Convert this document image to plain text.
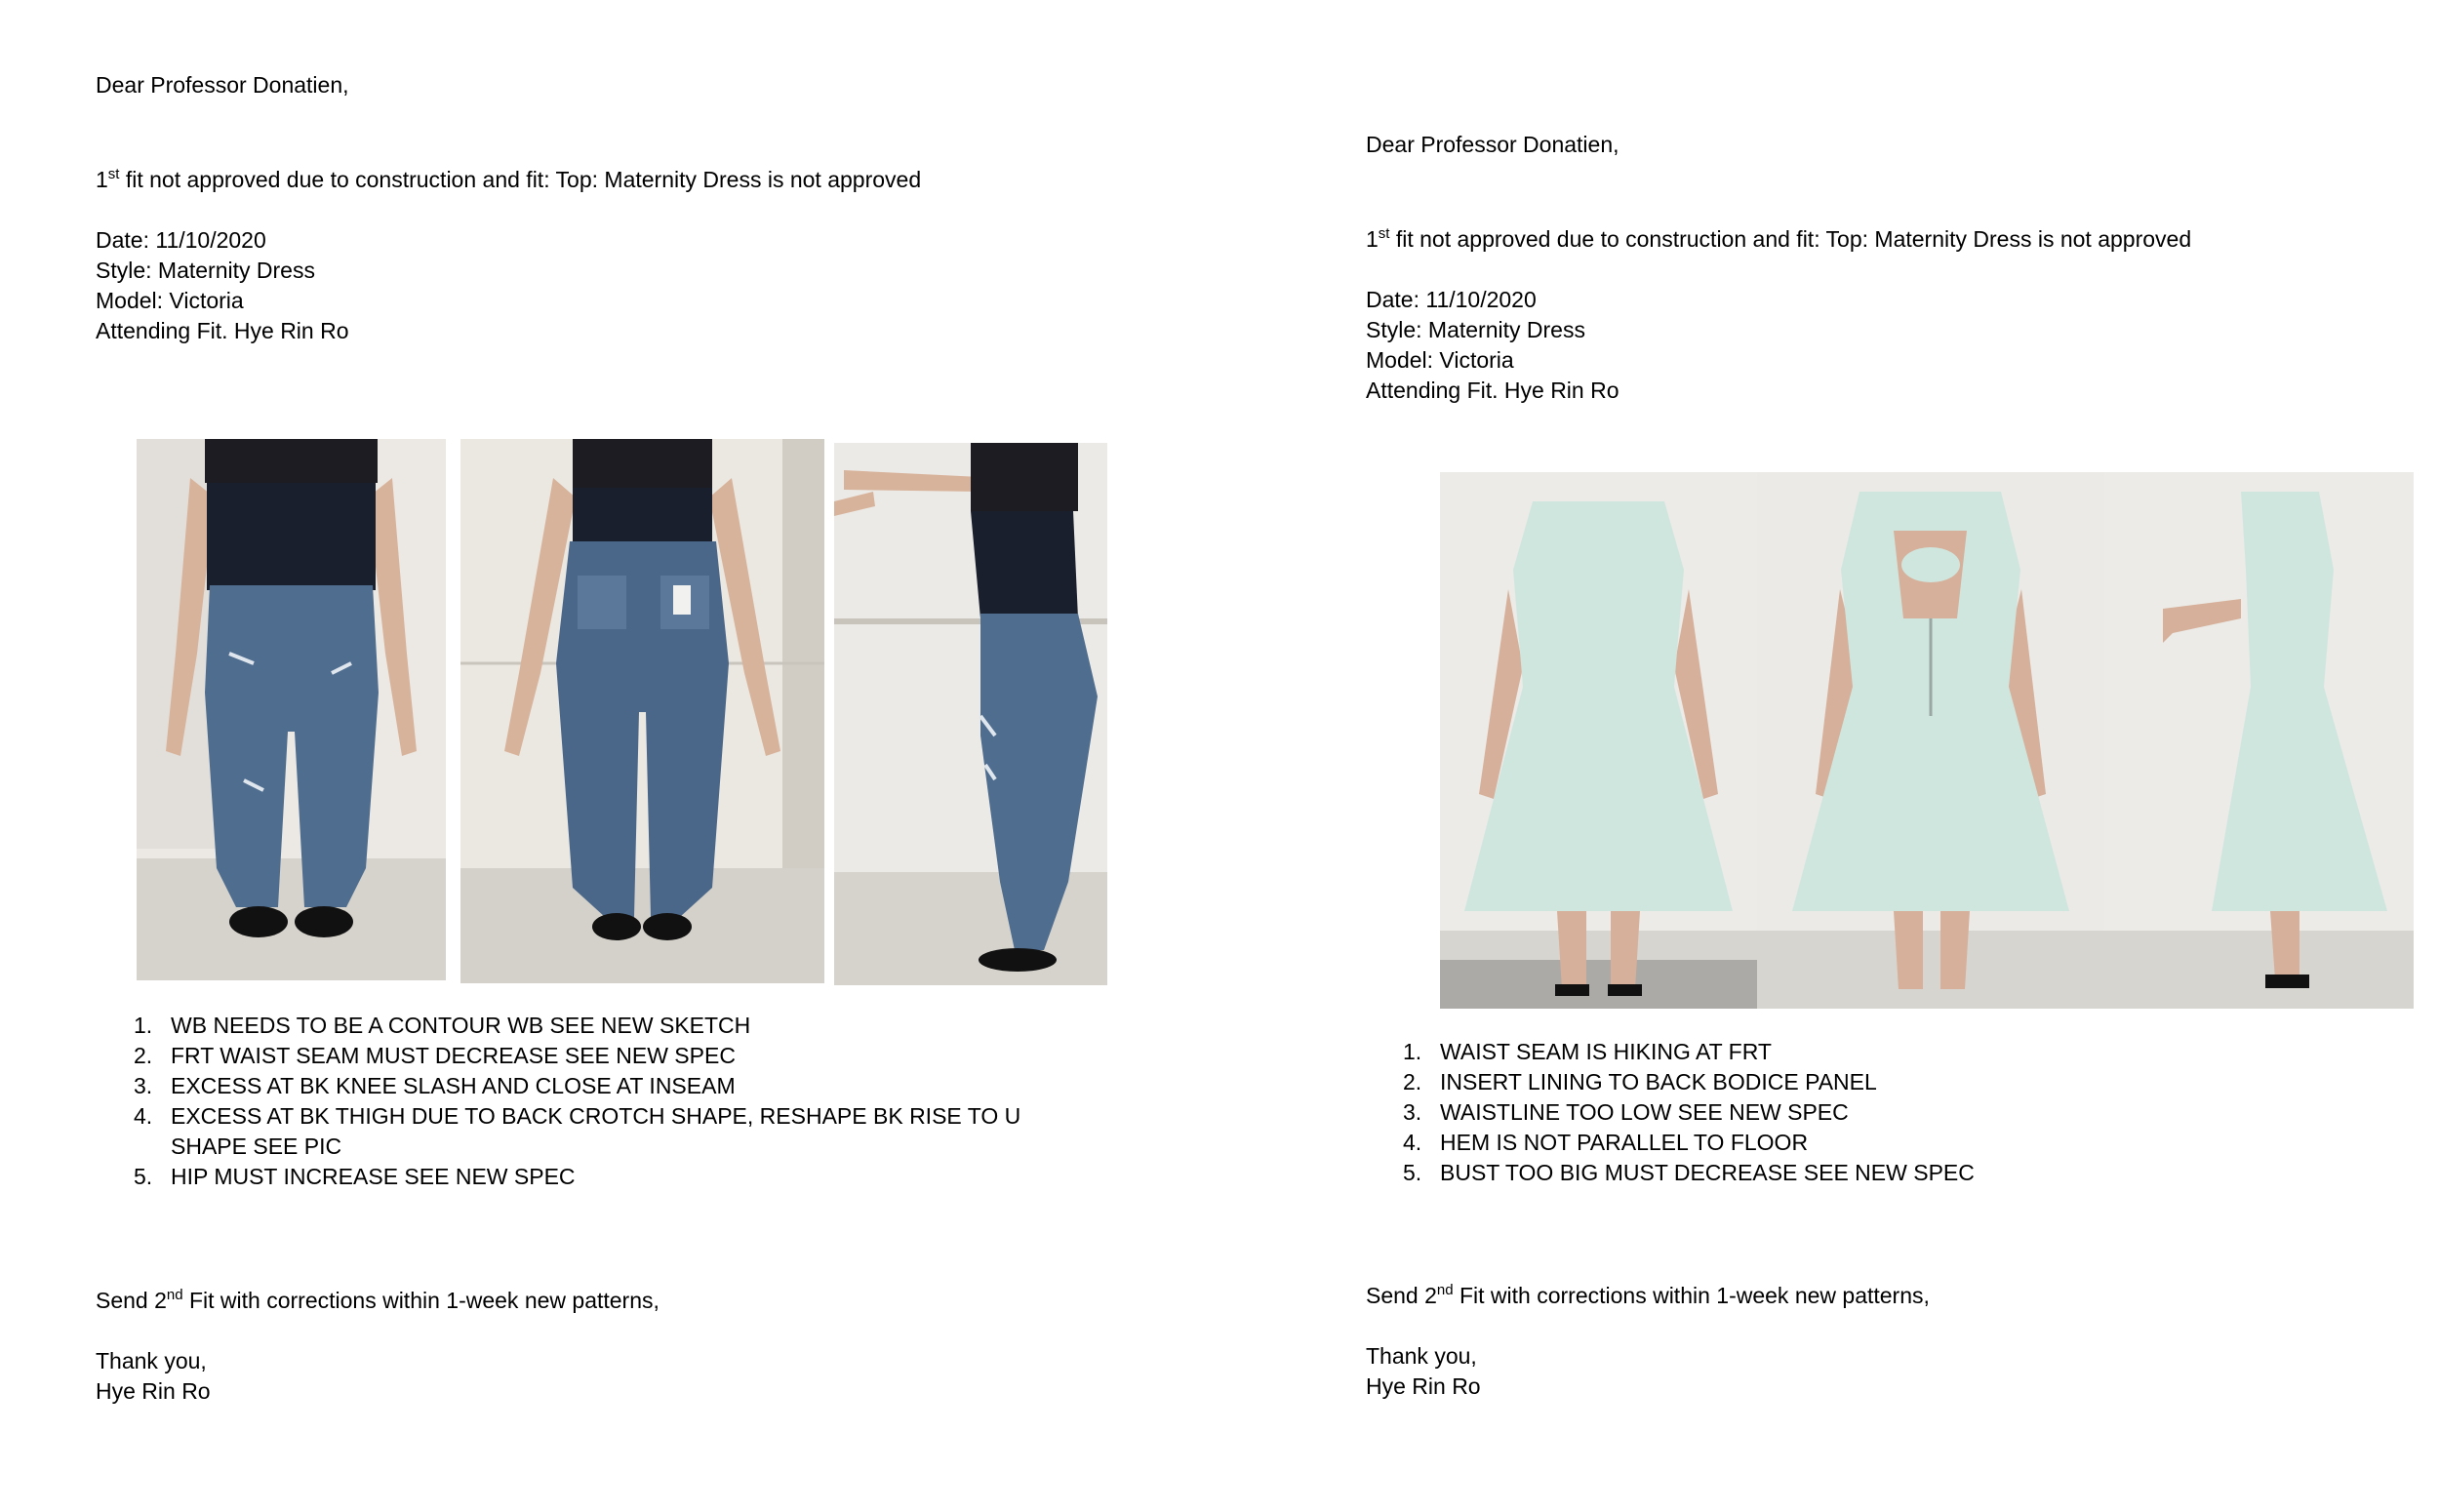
Dear Professor Donatien,

1st fit not approved due to construction and fit: Top: Maternity Dress is not approved

Date: 11/10/2020

Style: Maternity Dress

Model: Victoria

Attending Fit. Hye Rin Ro

1. WB NEEDS TO BE A CONTOUR WB SEE NEW SKETCH
2. FRT WAIST SEAM MUST DECREASE SEE NEW SPEC
3. EXCESS AT BK KNEE SLASH AND CLOSE AT INSEAM
4. EXCESS AT BK THIGH DUE TO BACK CROTCH SHAPE, RESHAPE BK RISE TO U SHAPE SEE PIC
5. HIP MUST INCREASE SEE NEW SPEC

Send 2nd Fit with corrections within 1-week new patterns,

Thank you,

Hye Rin Ro

Dear Professor Donatien,

1st fit not approved due to construction and fit: Top: Maternity Dress is not approved

Date: 11/10/2020

Style: Maternity Dress

Model: Victoria

Attending Fit. Hye Rin Ro

1. WAIST SEAM IS HIKING AT FRT
2. INSERT LINING TO BACK BODICE PANEL
3. WAISTLINE TOO LOW SEE NEW SPEC
4. HEM IS NOT PARALLEL TO FLOOR
5. BUST TOO BIG MUST DECREASE SEE NEW SPEC

Send 2nd Fit with corrections within 1-week new patterns,

Thank you,

Hye Rin Ro
